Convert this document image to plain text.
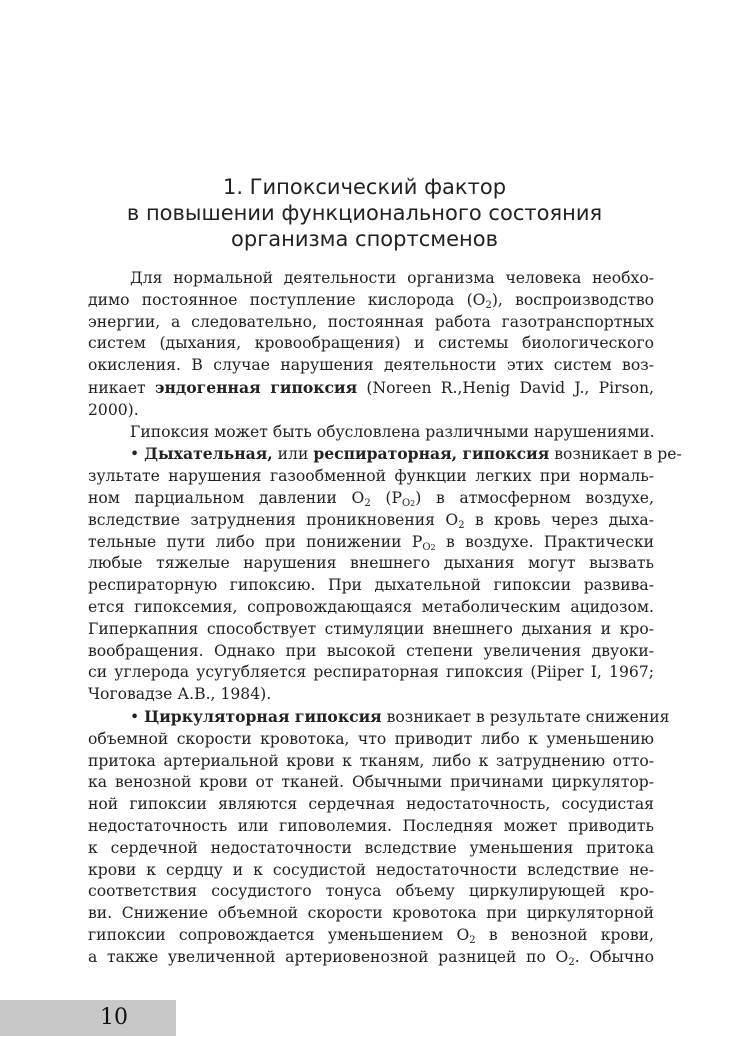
1. Гипоксический фактор
в повышении функционального состояния
организма спортсменов
Для нормальной деятельности организма человека необхо-
димо постоянное поступление кислорода $(О_2)$, воспроизводство
энергии, а следовательно, постоянная работа газотранспортных
систем (дыхания, кровообращения) и системы биологического
окисления. В случае нарушения деятельности этих систем воз-
никает эндогенная гипоксия (Noreen R.,Henig David J., Pirson,
2000).
Гипоксия может быть обусловлена различными нарушениями.
• Дыхательная, или респираторная, гипоксия возникает в ре-
зультате нарушения газообменной функции легких при нормаль-
ном парциальном давлении $O_2$ $(P_{O2})$ в атмосферном воздухе,
вследствие затруднения проникновения $O_2$ в кровь через дыха-
тельные пути либо при понижении $P_{O2}$ в воздухе. Практически
любые тяжелые нарушения внешнего дыхания могут вызвать
респираторную гипоксию. При дыхательной гипоксии развива-
ется гипоксемия, сопровождающаяся метаболическим ацидозом.
Гиперкапния способствует стимуляции внешнего дыхания и кро-
вообращения. Однако при высокой степени увеличения двуоки-
си углерода усугубляется респираторная гипоксия (Piiper I, 1967;
Чоговадзе А.В., 1984).
• Циркуляторная гипоксия возникает в результате снижения
объемной скорости кровотока, что приводит либо к уменьшению
притока артериальной крови к тканям, либо к затруднению отто-
ка венозной крови от тканей. Обычными причинами циркулятор-
ной гипоксии являются сердечная недостаточность, сосудистая
недостаточность или гиповолемия. Последняя может приводить
к сердечной недостаточности вследствие уменьшения притока
крови к сердцу и к сосудистой недостаточности вследствие не-
соответствия сосудистого тонуса объему циркулирующей кро-
ви. Снижение объемной скорости кровотока при циркуляторной
гипоксии сопровождается уменьшением $O_2$ в венозной крови,
а также увеличенной артериовенозной разницей по $O_2$. Обычно
10
